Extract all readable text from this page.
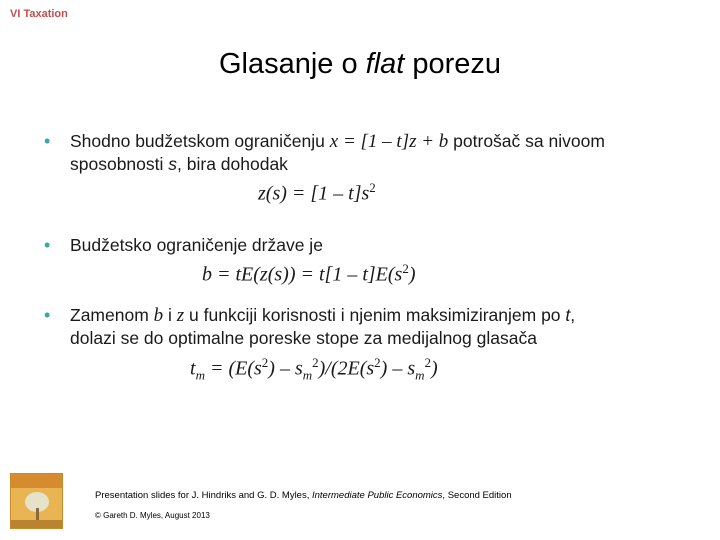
VI Taxation
Glasanje o flat porezu
• Shodno budžetskom ograničenju x = [1 – t]z + b potrošač sa nivoom
sposobnosti s, bira dohodak
$z(s) = [1 - t]s^2$
• Budžetsko ograničenje države je
$b = tE(z(s)) = t[1 - t]E(s^2)$
• Zamenom b i z u funkciji korisnosti i njenim maksimiziranjem po t,
dolazi se do optimalne poreske stope za medijalnog glasača
$t_m = (E(s^2) - s_m^2)/(2E(s^2) - s_m^2)$
Presentation slides for J. Hindriks and G. D. Myles, Intermediate Public Economics, Second Edition
© Gareth D. Myles, August 2013
